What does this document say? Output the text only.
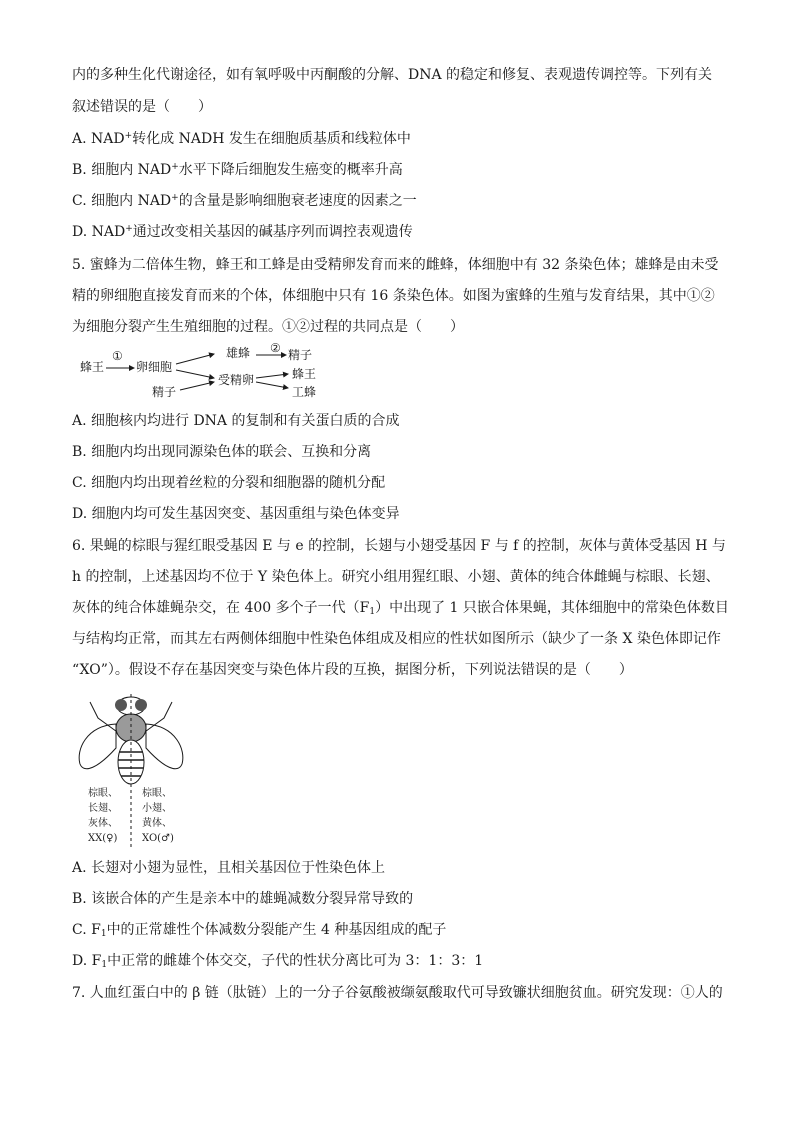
内的多种生化代谢途径，如有氧呼吸中丙酮酸的分解、DNA 的稳定和修复、表观遗传调控等。下列有关
叙述错误的是（　　）
A. NAD+转化成 NADH 发生在细胞质基质和线粒体中
B. 细胞内 NAD+水平下降后细胞发生癌变的概率升高
C. 细胞内 NAD+的含量是影响细胞衰老速度的因素之一
D. NAD+通过改变相关基因的碱基序列而调控表观遗传
5. 蜜蜂为二倍体生物，蜂王和工蜂是由受精卵发育而来的雌蜂，体细胞中有 32 条染色体；雄蜂是由未受
精的卵细胞直接发育而来的个体，体细胞中只有 16 条染色体。如图为蜜蜂的生殖与发育结果，其中①②
为细胞分裂产生生殖细胞的过程。①②过程的共同点是（　　）
蜂王
①
卵细胞
雄蜂 ② 精子
精子
受精卵	蜂王
工蜂
A. 细胞核内均进行 DNA 的复制和有关蛋白质的合成
B. 细胞内均出现同源染色体的联会、互换和分离
C. 细胞内均出现着丝粒的分裂和细胞器的随机分配
D. 细胞内均可发生基因突变、基因重组与染色体变异
6. 果蝇的棕眼与猩红眼受基因 E 与 e 的控制，长翅与小翅受基因 F 与 f 的控制，灰体与黄体受基因 H 与
h 的控制，上述基因均不位于 Y 染色体上。研究小组用猩红眼、小翅、黄体的纯合体雌蝇与棕眼、长翅、
灰体的纯合体雄蝇杂交，在 400 多个子一代$(F_1)$中出现了 1 只嵌合体果蝇，其体细胞中的常染色体数目
与结构均正常，而其左右两侧体细胞中性染色体组成及相应的性状如图所示（缺少了一条 X 染色体即记作
“XO”）。假设不存在基因突变与染色体片段的互换，据图分析，下列说法错误的是（　　）
棕眼、
长翅、
灰体、
XX(♀)
棕眼、
小翅、
黄体、
XO(♂)
A. 长翅对小翅为显性，且相关基因位于性染色体上
B. 该嵌合体的产生是亲本中的雄蝇减数分裂异常导致的
C. $F_1$中的正常雄性个体减数分裂能产生 4 种基因组成的配子
D. $F_1$中正常的雌雄个体交交，子代的性状分离比可为 3：1：3：1
7. 人血红蛋白中的 β 链（肽链）上的一分子谷氨酸被缬氨酸取代可导致镰状细胞贫血。研究发现：①人的
